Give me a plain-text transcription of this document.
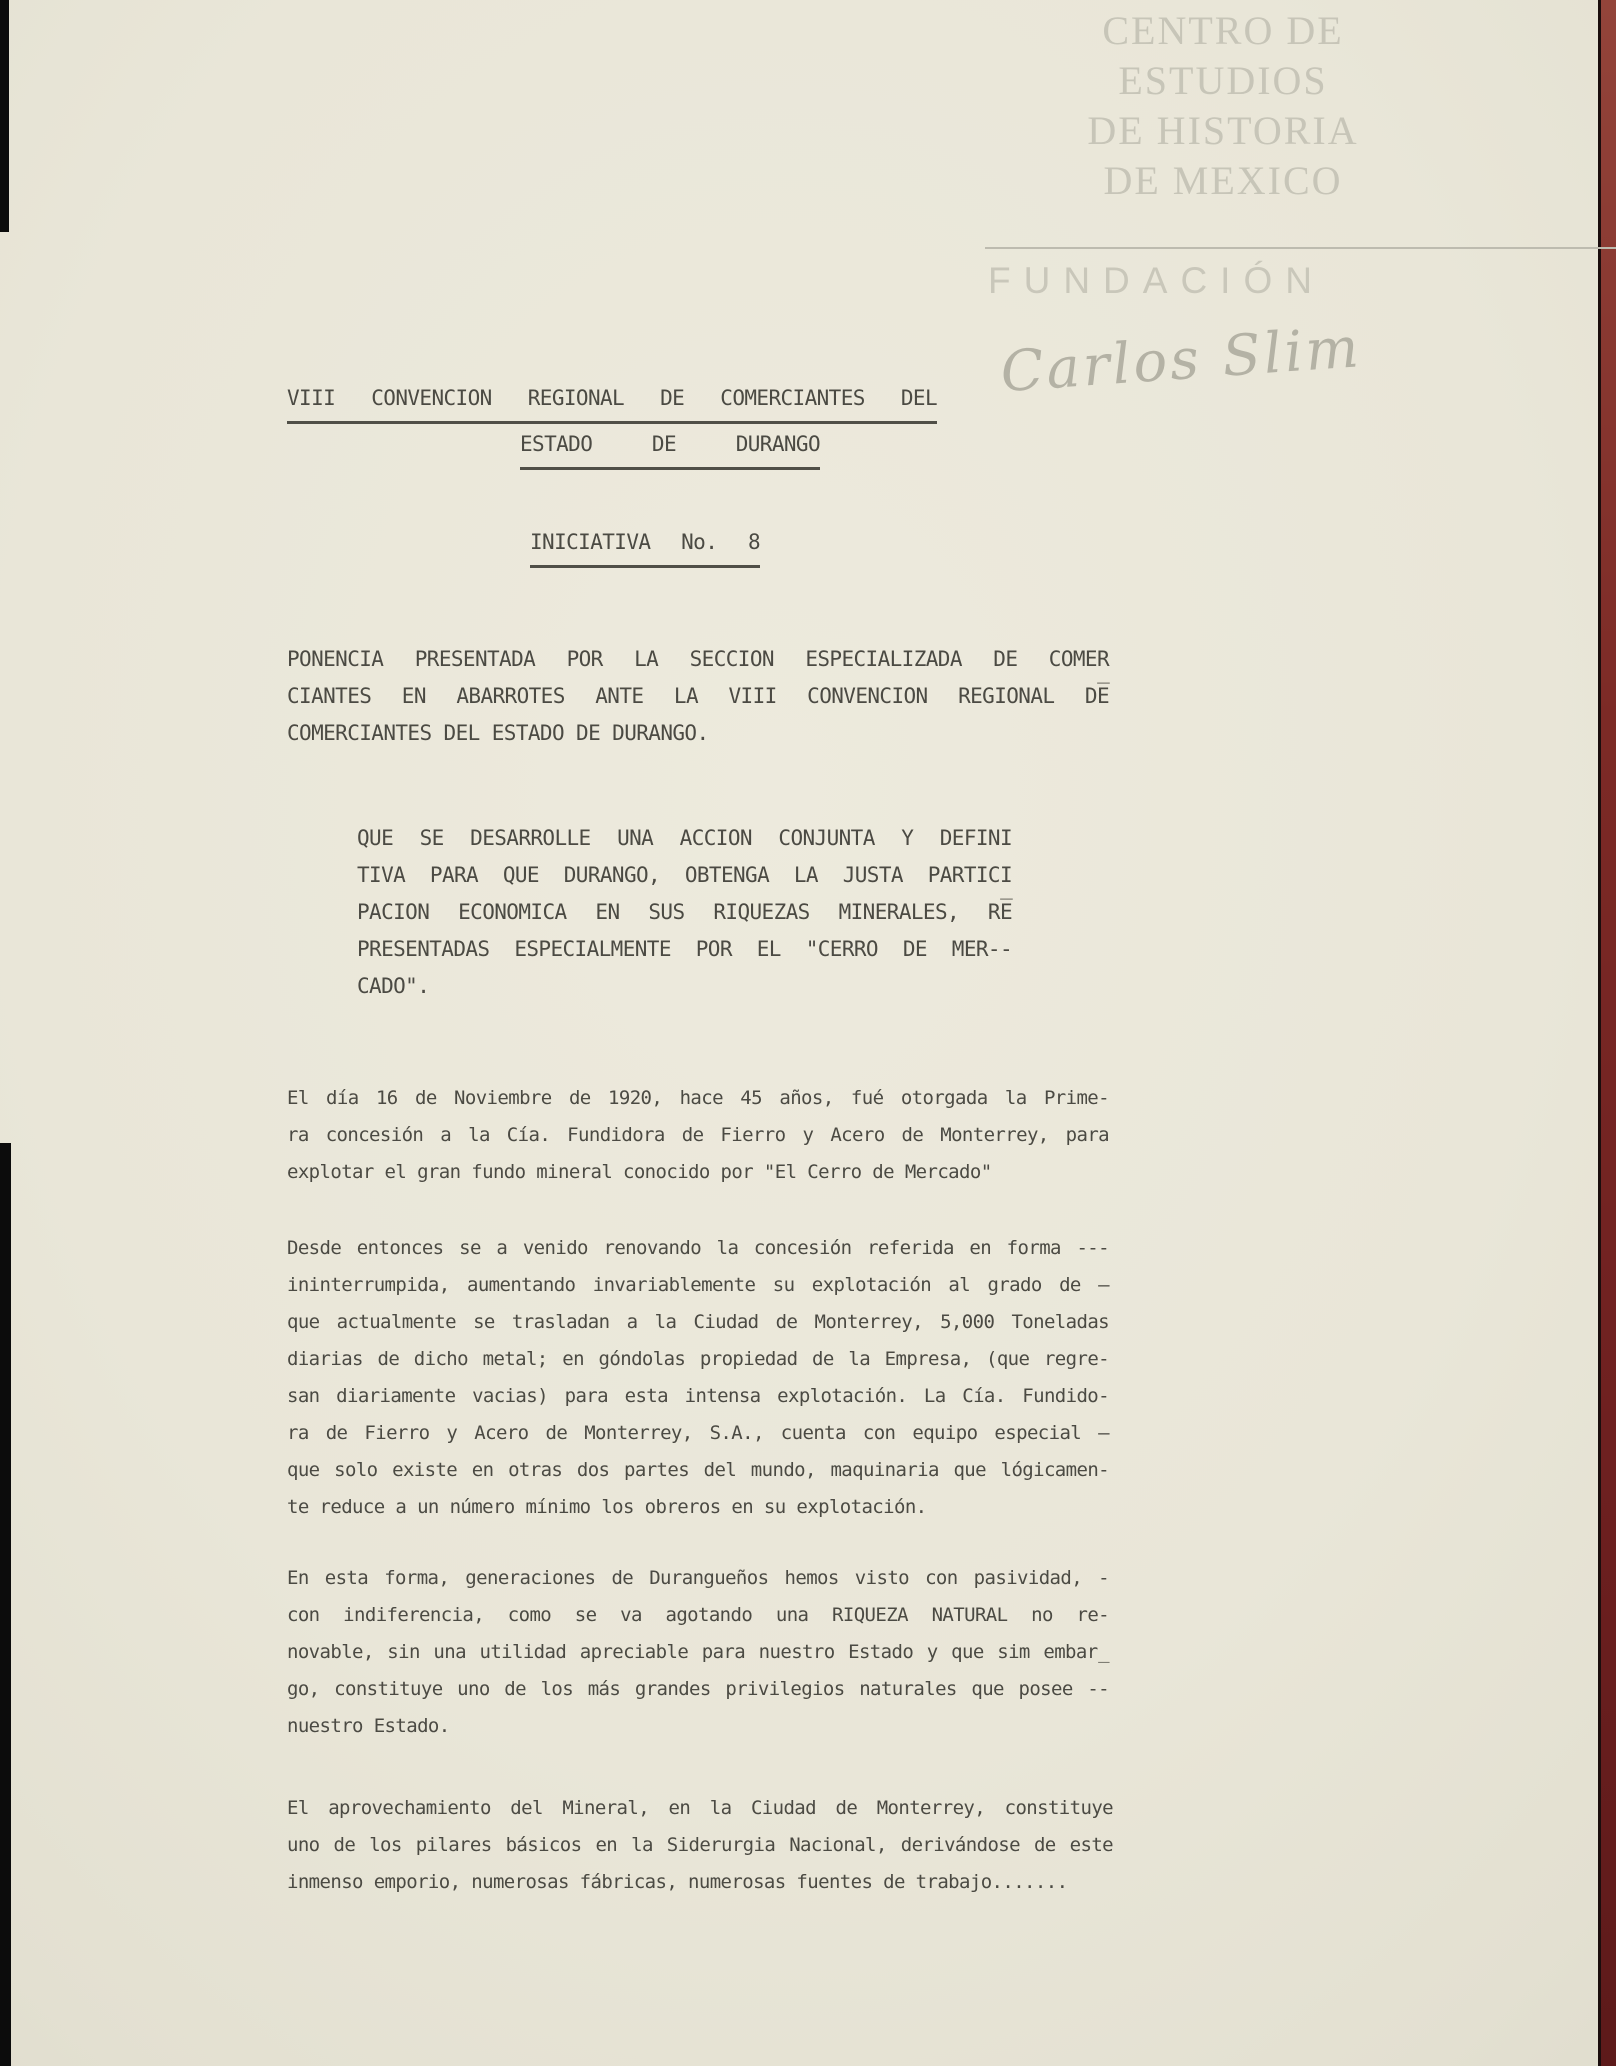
CENTRO DE
ESTUDIOS
DE HISTORIA
DE MEXICO
FUNDACIÓN
Carlos Slim
VIII CONVENCION REGIONAL DE COMERCIANTES DEL
ESTADO DE DURANGO
INICIATIVA No. 8
PONENCIA PRESENTADA POR LA SECCION ESPECIALIZADA DE COMER
CIANTES EN ABARROTES ANTE LA VIII CONVENCION REGIONAL DE̅
COMERCIANTES DEL ESTADO DE DURANGO.
QUE SE DESARROLLE UNA ACCION CONJUNTA Y DEFINI
TIVA PARA QUE DURANGO, OBTENGA LA JUSTA PARTICI
PACION ECONOMICA EN SUS RIQUEZAS MINERALES, RE̅
PRESENTADAS ESPECIALMENTE POR EL "CERRO DE MER--
CADO".
El día 16 de Noviembre de 1920, hace 45 años, fué otorgada la Prime-
ra concesión a la Cía. Fundidora de Fierro y Acero de Monterrey, para
explotar el gran fundo mineral conocido por "El Cerro de Mercado"
Desde entonces se a venido renovando la concesión referida en forma ---
ininterrumpida, aumentando invariablemente su explotación al grado de —
que actualmente se trasladan a la Ciudad de Monterrey, 5,000 Toneladas
diarias de dicho metal; en góndolas propiedad de la Empresa, (que regre-
san diariamente vacias) para esta intensa explotación. La Cía. Fundido-
ra de Fierro y Acero de Monterrey, S.A., cuenta con equipo especial —
que solo existe en otras dos partes del mundo, maquinaria que lógicamen-
te reduce a un número mínimo los obreros en su explotación.
En esta forma, generaciones de Durangueños hemos visto con pasividad, -
con indiferencia, como se va agotando una RIQUEZA NATURAL no re-
novable, sin una utilidad apreciable para nuestro Estado y que sim embar̲
go, constituye uno de los más grandes privilegios naturales que posee --
nuestro Estado.
El aprovechamiento del Mineral, en la Ciudad de Monterrey, constituye
uno de los pilares básicos en la Siderurgia Nacional, derivándose de este
inmenso emporio, numerosas fábricas, numerosas fuentes de trabajo.......
